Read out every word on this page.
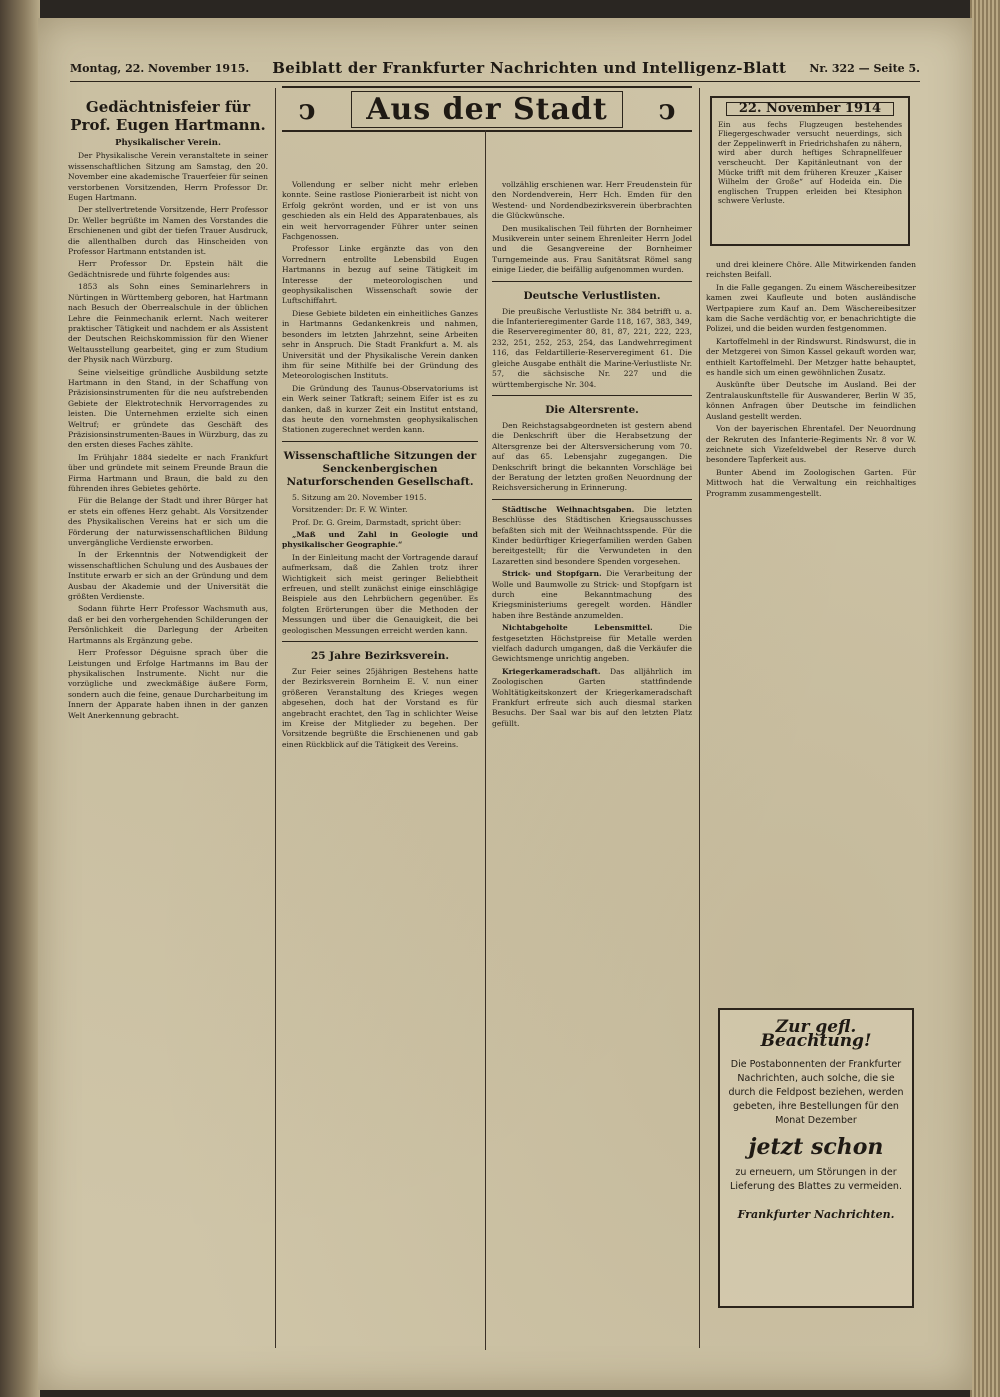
Montag, 22. November 1915. Beiblatt der Frankfurter Nachrichten und Intelligenz-Blatt Nr. 322 — Seite 5.
ↄ	Aus der Stadt	ↄ
Gedächtnisfeier für Prof. Eugen Hartmann.
Physikalischer Verein.

Der Physikalische Verein veranstaltete in seiner wissenschaftlichen Sitzung am Samstag, den 20. November eine akademische Trauerfeier für seinen verstorbenen Vorsitzenden, Herrn Professor Dr. Eugen Hartmann.

Der stellvertretende Vorsitzende, Herr Professor Dr. Weller begrüßte im Namen des Vorstandes die Erschienenen und gibt der tiefen Trauer Ausdruck, die allenthalben durch das Hinscheiden von Professor Hartmann entstanden ist.

Herr Professor Dr. Epstein hält die Gedächtnisrede und führte folgendes aus:

1853 als Sohn eines Seminarlehrers in Nürtingen in Württemberg geboren, hat Hartmann nach Besuch der Oberrealschule in der üblichen Lehre die Feinmechanik erlernt. Nach weiterer praktischer Tätigkeit und nachdem er als Assistent der Deutschen Reichskommission für den Wiener Weltausstellung gearbeitet, ging er zum Studium der Physik nach Würzburg.

Seine vielseitige gründliche Ausbildung setzte Hartmann in den Stand, in der Schaffung von Präzisionsinstrumenten für die neu aufstrebenden Gebiete der Elektrotechnik Hervorragendes zu leisten. Die Unternehmen erzielte sich einen Weltruf; er gründete das Geschäft des Präzisionsinstrumenten-Baues in Würzburg, das zu den ersten dieses Faches zählte.

Im Frühjahr 1884 siedelte er nach Frankfurt über und gründete mit seinem Freunde Braun die Firma Hartmann und Braun, die bald zu den führenden ihres Gebietes gehörte.

Für die Belange der Stadt und ihrer Bürger hat er stets ein offenes Herz gehabt. Als Vorsitzender des Physikalischen Vereins hat er sich um die Förderung der naturwissenschaftlichen Bildung unvergängliche Verdienste erworben.

In der Erkenntnis der Notwendigkeit der wissenschaftlichen Schulung und des Ausbaues der Institute erwarb er sich an der Gründung und dem Ausbau der Akademie und der Universität die größten Verdienste.

Sodann führte Herr Professor Wachsmuth aus, daß er bei den vorhergehenden Schilderungen der Persönlichkeit die Darlegung der Arbeiten Hartmanns als Ergänzung gebe.

Herr Professor Déguisne sprach über die Leistungen und Erfolge Hartmanns im Bau der physikalischen Instrumente. Nicht nur die vorzügliche und zweckmäßige äußere Form, sondern auch die feine, genaue Durcharbeitung im Innern der Apparate haben ihnen in der ganzen Welt Anerkennung gebracht.

Vollendung er selber nicht mehr erleben konnte. Seine rastlose Pionierarbeit ist nicht von Erfolg gekrönt worden, und er ist von uns geschieden als ein Held des Apparatenbaues, als ein weit hervorragender Führer unter seinen Fachgenossen.

Professor Linke ergänzte das von den Vorrednern entrollte Lebensbild Eugen Hartmanns in bezug auf seine Tätigkeit im Interesse der meteorologischen und geophysikalischen Wissenschaft sowie der Luftschiffahrt.

Diese Gebiete bildeten ein einheitliches Ganzes in Hartmanns Gedankenkreis und nahmen, besonders im letzten Jahrzehnt, seine Arbeiten sehr in Anspruch. Die Stadt Frankfurt a. M. als Universität und der Physikalische Verein danken ihm für seine Mithilfe bei der Gründung des Meteorologischen Instituts.

Die Gründung des Taunus-Observatoriums ist ein Werk seiner Tatkraft; seinem Eifer ist es zu danken, daß in kurzer Zeit ein Institut entstand, das heute den vornehmsten geophysikalischen Stationen zugerechnet werden kann.

Wissenschaftliche Sitzungen der Senckenbergischen Naturforschenden Gesellschaft.

5. Sitzung am 20. November 1915.

Vorsitzender: Dr. F. W. Winter.

Prof. Dr. G. Greim, Darmstadt, spricht über:

„Maß und Zahl in Geologie und physikalischer Geographie.“

In der Einleitung macht der Vortragende darauf aufmerksam, daß die Zahlen trotz ihrer Wichtigkeit sich meist geringer Beliebtheit erfreuen, und stellt zunächst einige einschlägige Beispiele aus den Lehrbüchern gegenüber. Es folgten Erörterungen über die Methoden der Messungen und über die Genauigkeit, die bei geologischen Messungen erreicht werden kann.

25 Jahre Bezirksverein.

Zur Feier seines 25jährigen Bestehens hatte der Bezirksverein Bornheim E. V. nun einer größeren Veranstaltung des Krieges wegen abgesehen, doch hat der Vorstand es für angebracht erachtet, den Tag in schlichter Weise im Kreise der Mitglieder zu begehen. Der Vorsitzende begrüßte die Erschienenen und gab einen Rückblick auf die Tätigkeit des Vereins.

vollzählig erschienen war. Herr Freudenstein für den Nordendverein, Herr Hch. Emden für den Westend- und Nordendbezirksverein überbrachten die Glückwünsche.

Den musikalischen Teil führten der Bornheimer Musikverein unter seinem Ehrenleiter Herrn Jodel und die Gesangvereine der Bornheimer Turngemeinde aus. Frau Sanitätsrat Römel sang einige Lieder, die beifällig aufgenommen wurden.

Deutsche Verlustlisten.

Die preußische Verlustliste Nr. 384 betrifft u. a. die Infanterieregimenter Garde 118, 167, 383, 349, die Reserveregimenter 80, 81, 87, 221, 222, 223, 232, 251, 252, 253, 254, das Landwehrregiment 116, das Feldartillerie-Reserveregiment 61. Die gleiche Ausgabe enthält die Marine-Verlustliste Nr. 57, die sächsische Nr. 227 und die württembergische Nr. 304.

Die Altersrente.

Den Reichstagsabgeordneten ist gestern abend die Denkschrift über die Herabsetzung der Altersgrenze bei der Altersversicherung vom 70. auf das 65. Lebensjahr zugegangen. Die Denkschrift bringt die bekannten Vorschläge bei der Beratung der letzten großen Neuordnung der Reichsversicherung in Erinnerung.

Städtische Weihnachtsgaben. Die letzten Beschlüsse des Städtischen Kriegsausschusses befaßten sich mit der Weihnachtsspende. Für die Kinder bedürftiger Kriegerfamilien werden Gaben bereitgestellt; für die Verwundeten in den Lazaretten sind besondere Spenden vorgesehen.

Strick- und Stopfgarn. Die Verarbeitung der Wolle und Baumwolle zu Strick- und Stopfgarn ist durch eine Bekanntmachung des Kriegsministeriums geregelt worden. Händler haben ihre Bestände anzumelden.

Nichtabgeholte Lebensmittel.	Die festgesetzten Höchstpreise für Metalle werden vielfach dadurch umgangen, daß die Verkäufer die Gewichtsmenge unrichtig angeben.

Kriegerkameradschaft. Das alljährlich im Zoologischen Garten stattfindende Wohltätigkeitskonzert der Kriegerkameradschaft Frankfurt erfreute sich auch diesmal starken Besuchs. Der Saal war bis auf den letzten Platz gefüllt.

22. November 1914
Ein aus fechs Flugzeugen bestehendes Fliegergeschwader versucht neuerdings, sich der Zeppelinwerft in Friedrichshafen zu nähern, wird aber durch heftiges Schrapnellfeuer verscheucht. Der Kapitänleutnant von der Mücke trifft mit dem früheren Kreuzer „Kaiser Wilhelm der Große“ auf Hodeida ein. Die englischen Truppen erleiden bei Ktesiphon schwere Verluste.

und drei kleinere Chöre. Alle Mitwirkenden fanden reichsten Beifall.

In die Falle gegangen. Zu einem Wäschereibesitzer kamen zwei Kaufleute und boten ausländische Wertpapiere zum Kauf an. Dem Wäschereibesitzer kam die Sache verdächtig vor, er benachrichtigte die Polizei, und die beiden wurden festgenommen.

Kartoffelmehl in der Rindswurst. Rindswurst, die in der Metzgerei von Simon Kassel gekauft worden war, enthielt Kartoffelmehl. Der Metzger hatte behauptet, es handle sich um einen gewöhnlichen Zusatz.

Auskünfte über Deutsche im Ausland. Bei der Zentralauskunftstelle für Auswanderer, Berlin W 35, können Anfragen über Deutsche im feindlichen Ausland gestellt werden.

Von der bayerischen Ehrentafel. Der Neuordnung der Rekruten des Infanterie-Regiments Nr. 8 vor W. zeichnete sich Vizefeldwebel der Reserve durch besondere Tapferkeit aus.

Bunter Abend im Zoologischen Garten. Für Mittwoch hat die Verwaltung ein reichhaltiges Programm zusammengestellt.

Zur gefl. Beachtung!
Die Postabonnenten der Frankfurter Nachrichten, auch solche, die sie durch die Feldpost beziehen, werden gebeten, ihre Bestellungen für den Monat Dezember
jetzt schon
zu erneuern, um Störungen in der Lieferung des Blattes zu vermeiden.
Frankfurter Nachrichten.
